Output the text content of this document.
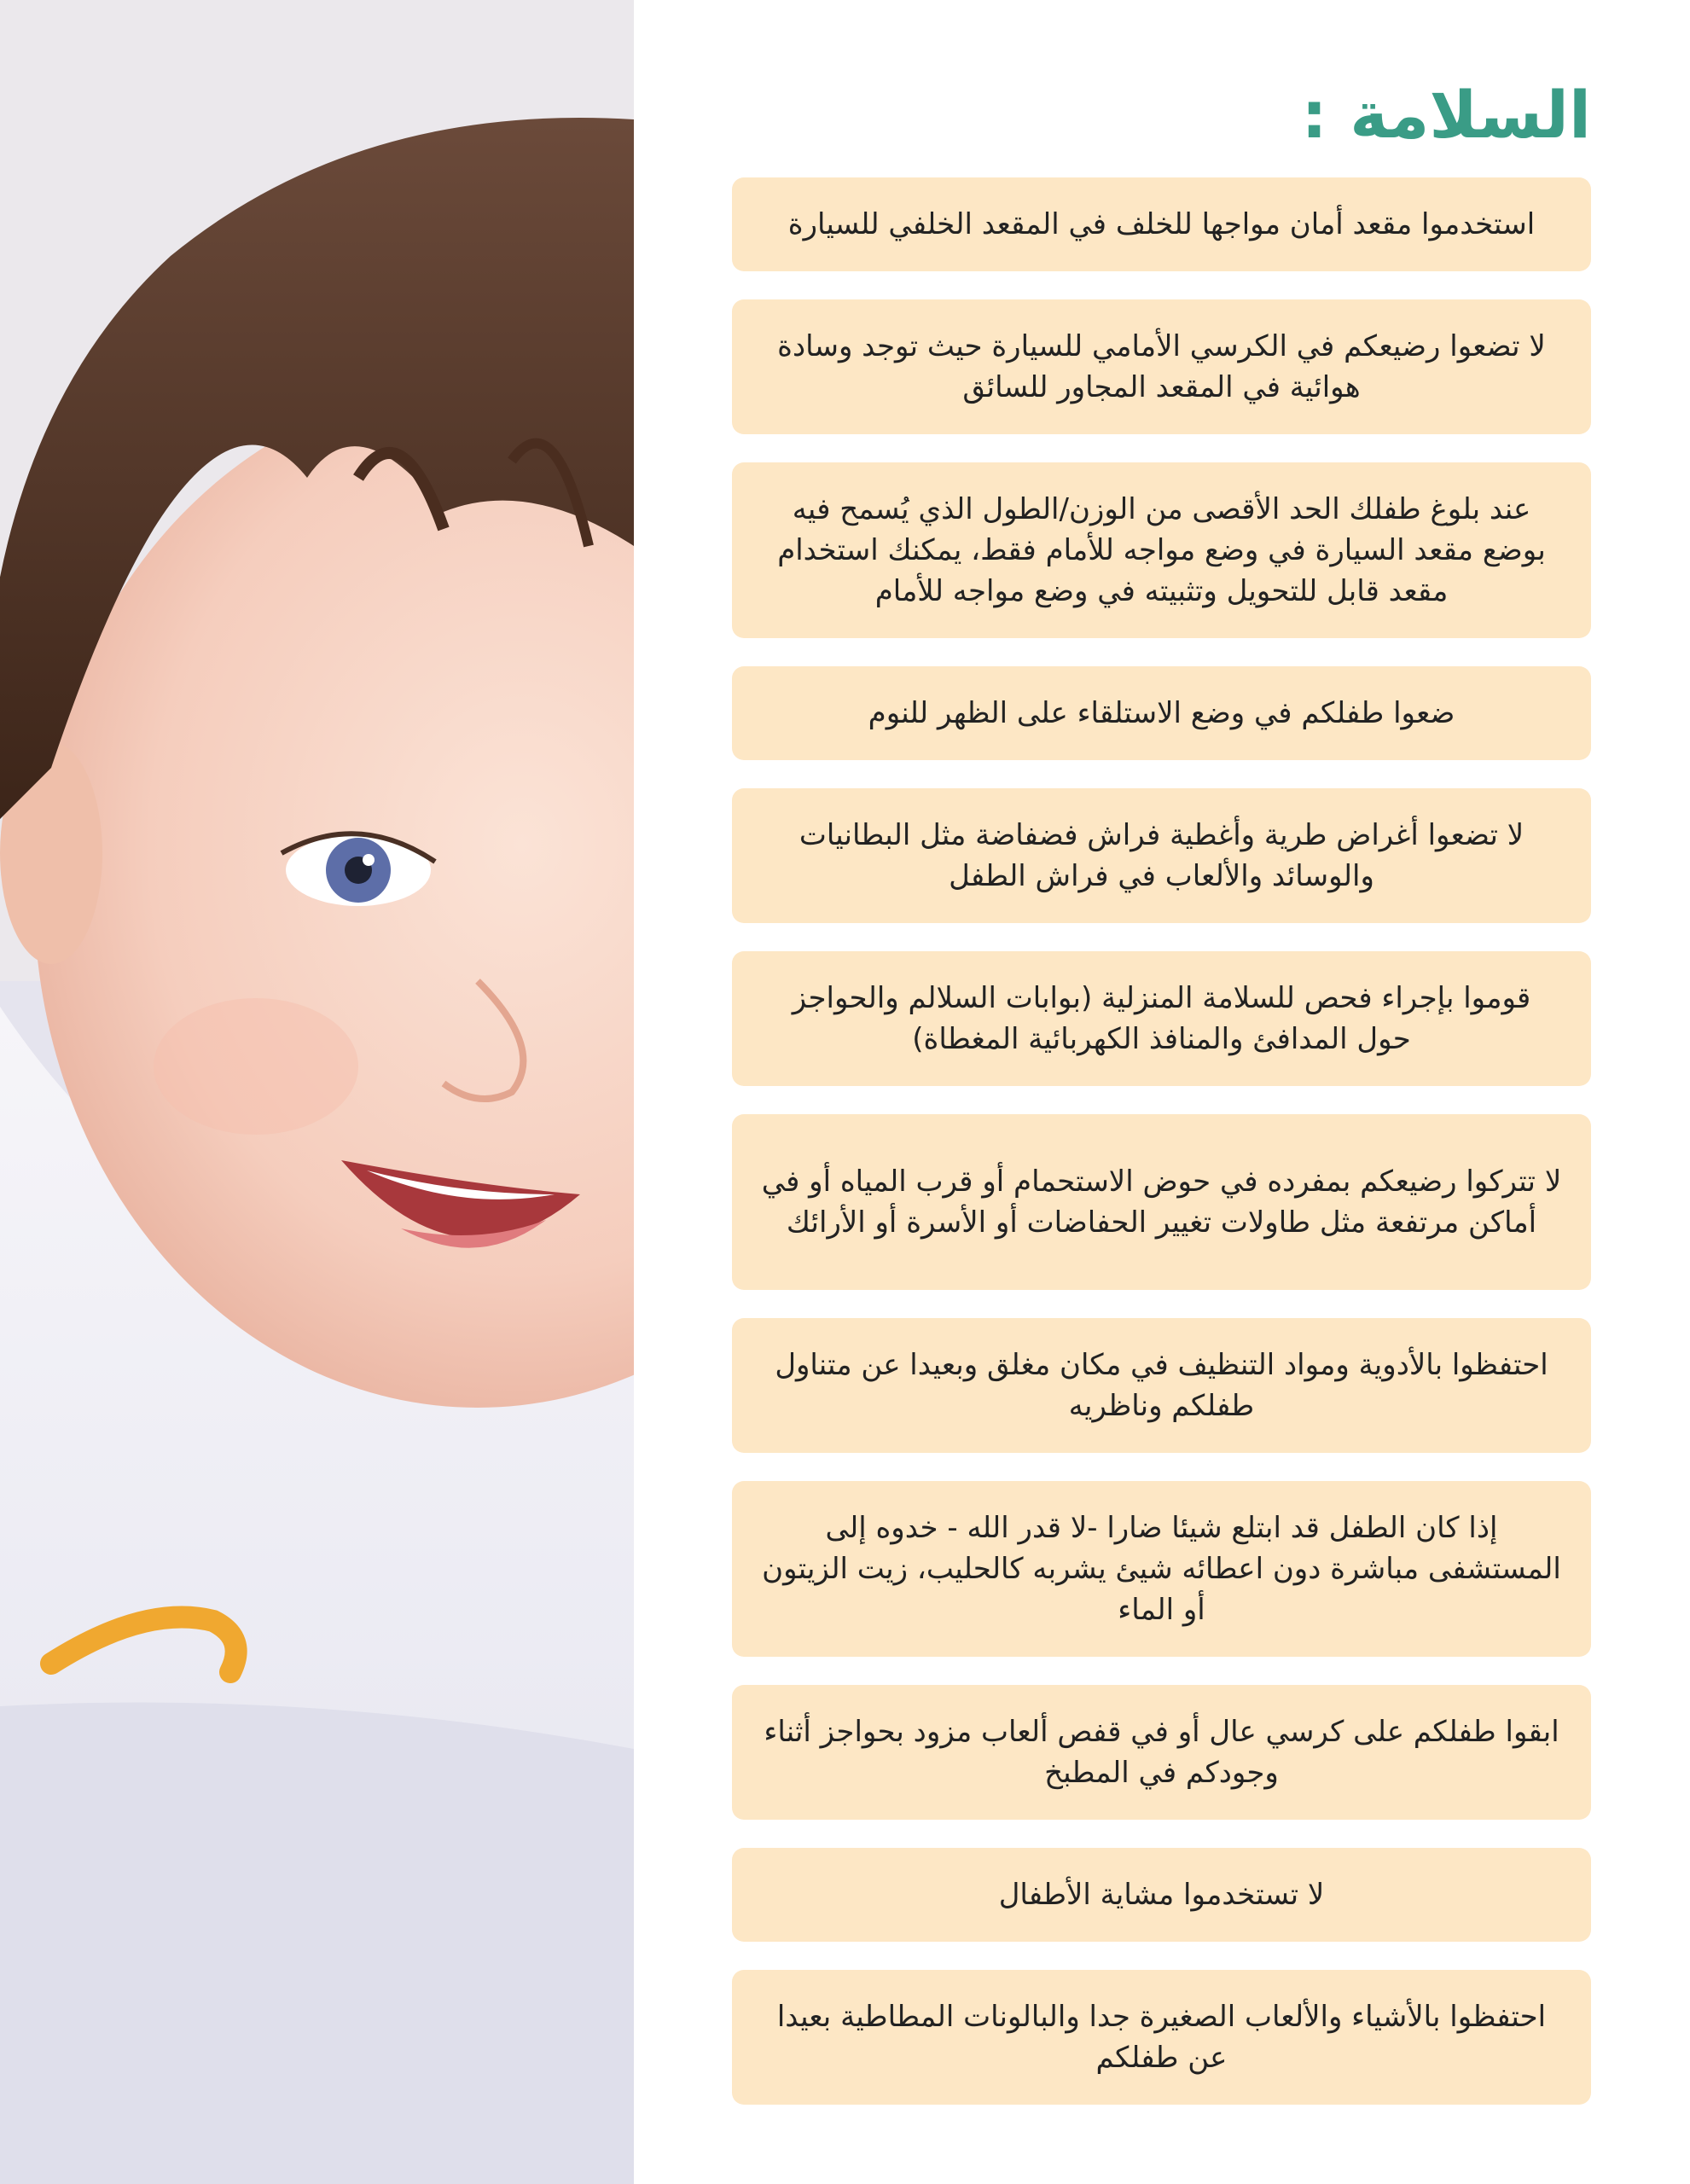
السلامة :
استخدموا مقعد أمان مواجها للخلف في المقعد الخلفي للسيارة
لا تضعوا رضيعكم في الكرسي الأمامي للسيارة حيث توجد وسادة هوائية في المقعد المجاور للسائق
عند بلوغ طفلك الحد الأقصى من الوزن/الطول الذي يُسمح فيه بوضع مقعد السيارة في وضع مواجه للأمام فقط، يمكنك استخدام مقعد قابل للتحويل وتثبيته في وضع مواجه للأمام
ضعوا طفلكم في وضع الاستلقاء على الظهر للنوم
لا تضعوا أغراض طرية وأغطية فراش فضفاضة مثل البطانيات والوسائد والألعاب في فراش الطفل
قوموا بإجراء فحص للسلامة المنزلية (بوابات السلالم والحواجز حول المدافئ والمنافذ الكهربائية المغطاة)
لا تتركوا رضيعكم بمفرده في حوض الاستحمام أو قرب المياه أو في أماكن مرتفعة مثل طاولات تغيير الحفاضات أو الأسرة أو الأرائك
احتفظوا بالأدوية ومواد التنظيف في مكان مغلق وبعيدا عن متناول طفلكم وناظريه
إذا كان الطفل قد ابتلع شيئا ضارا -لا قدر الله - خدوه إلى المستشفى مباشرة دون اعطائه شيئ يشربه كالحليب، زيت الزيتون أو الماء
ابقوا طفلكم على كرسي عال أو في قفص ألعاب مزود بحواجز أثناء وجودكم في المطبخ
لا تستخدموا مشاية الأطفال
احتفظوا بالأشياء والألعاب الصغيرة جدا والبالونات المطاطية بعيدا عن طفلكم
